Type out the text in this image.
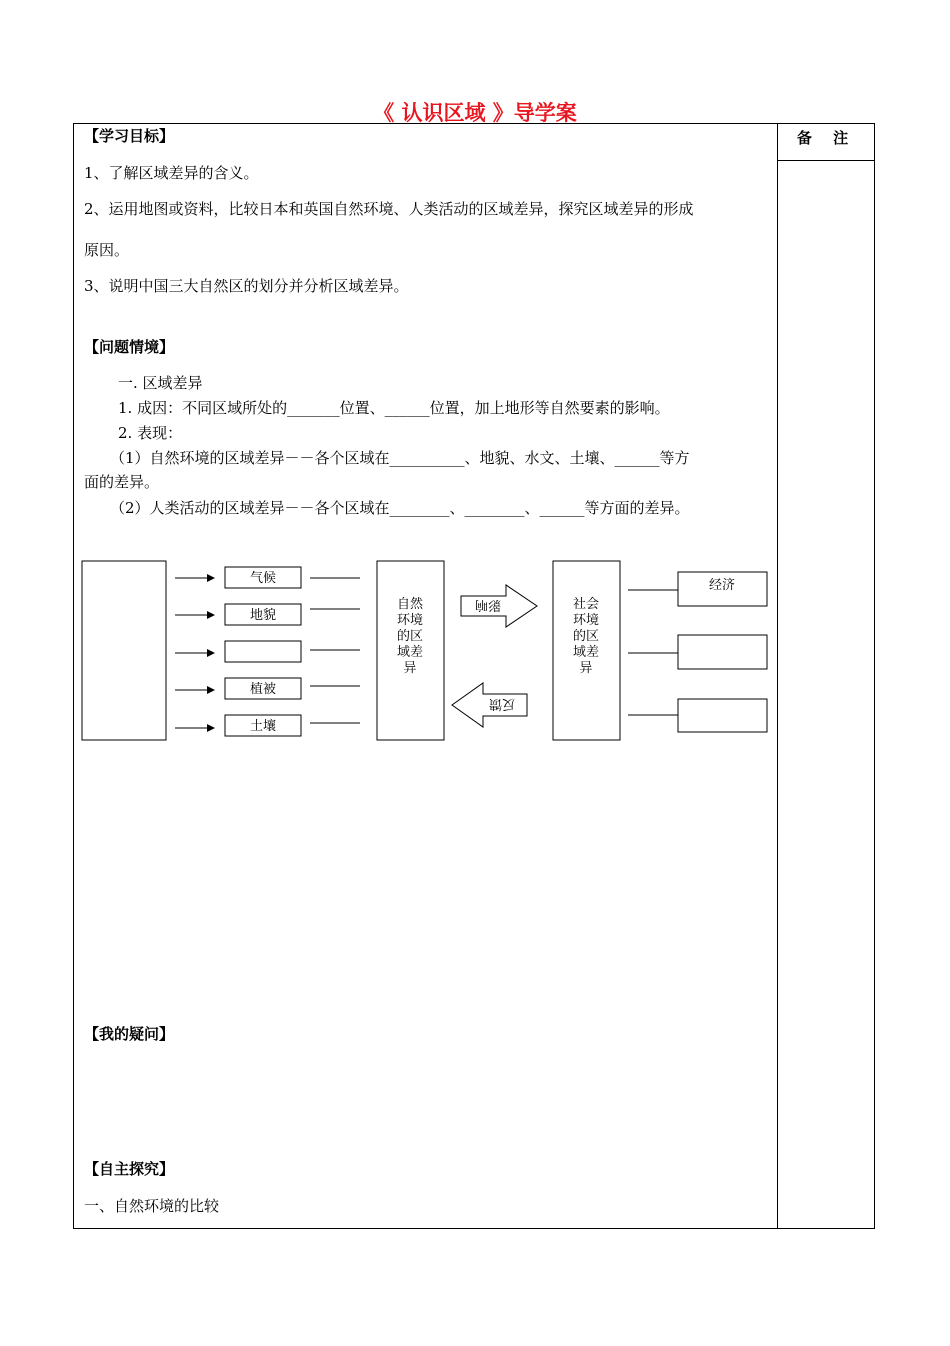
《 认识区域 》导学案
备 注
【学习目标】
1、了解区域差异的含义。
2、运用地图或资料，比较日本和英国自然环境、人类活动的区域差异，探究区域差异的形成
原因。
3、说明中国三大自然区的划分并分析区域差异。
【问题情境】
一. 区域差异
1. 成因：不同区域所处的_______位置、______位置，加上地形等自然要素的影响。
2. 表现：
（1）自然环境的区域差异－－各个区域在__________、地貌、水文、土壤、______等方
面的差异。
（2）人类活动的区域差异－－各个区域在________、________、______等方面的差异。
气候
地貌
植被
土壤
自然
环境
的区
域差
异
影响
反馈
社会
环境
的区
域差
异
经济
【我的疑问】
【自主探究】
一、自然环境的比较
